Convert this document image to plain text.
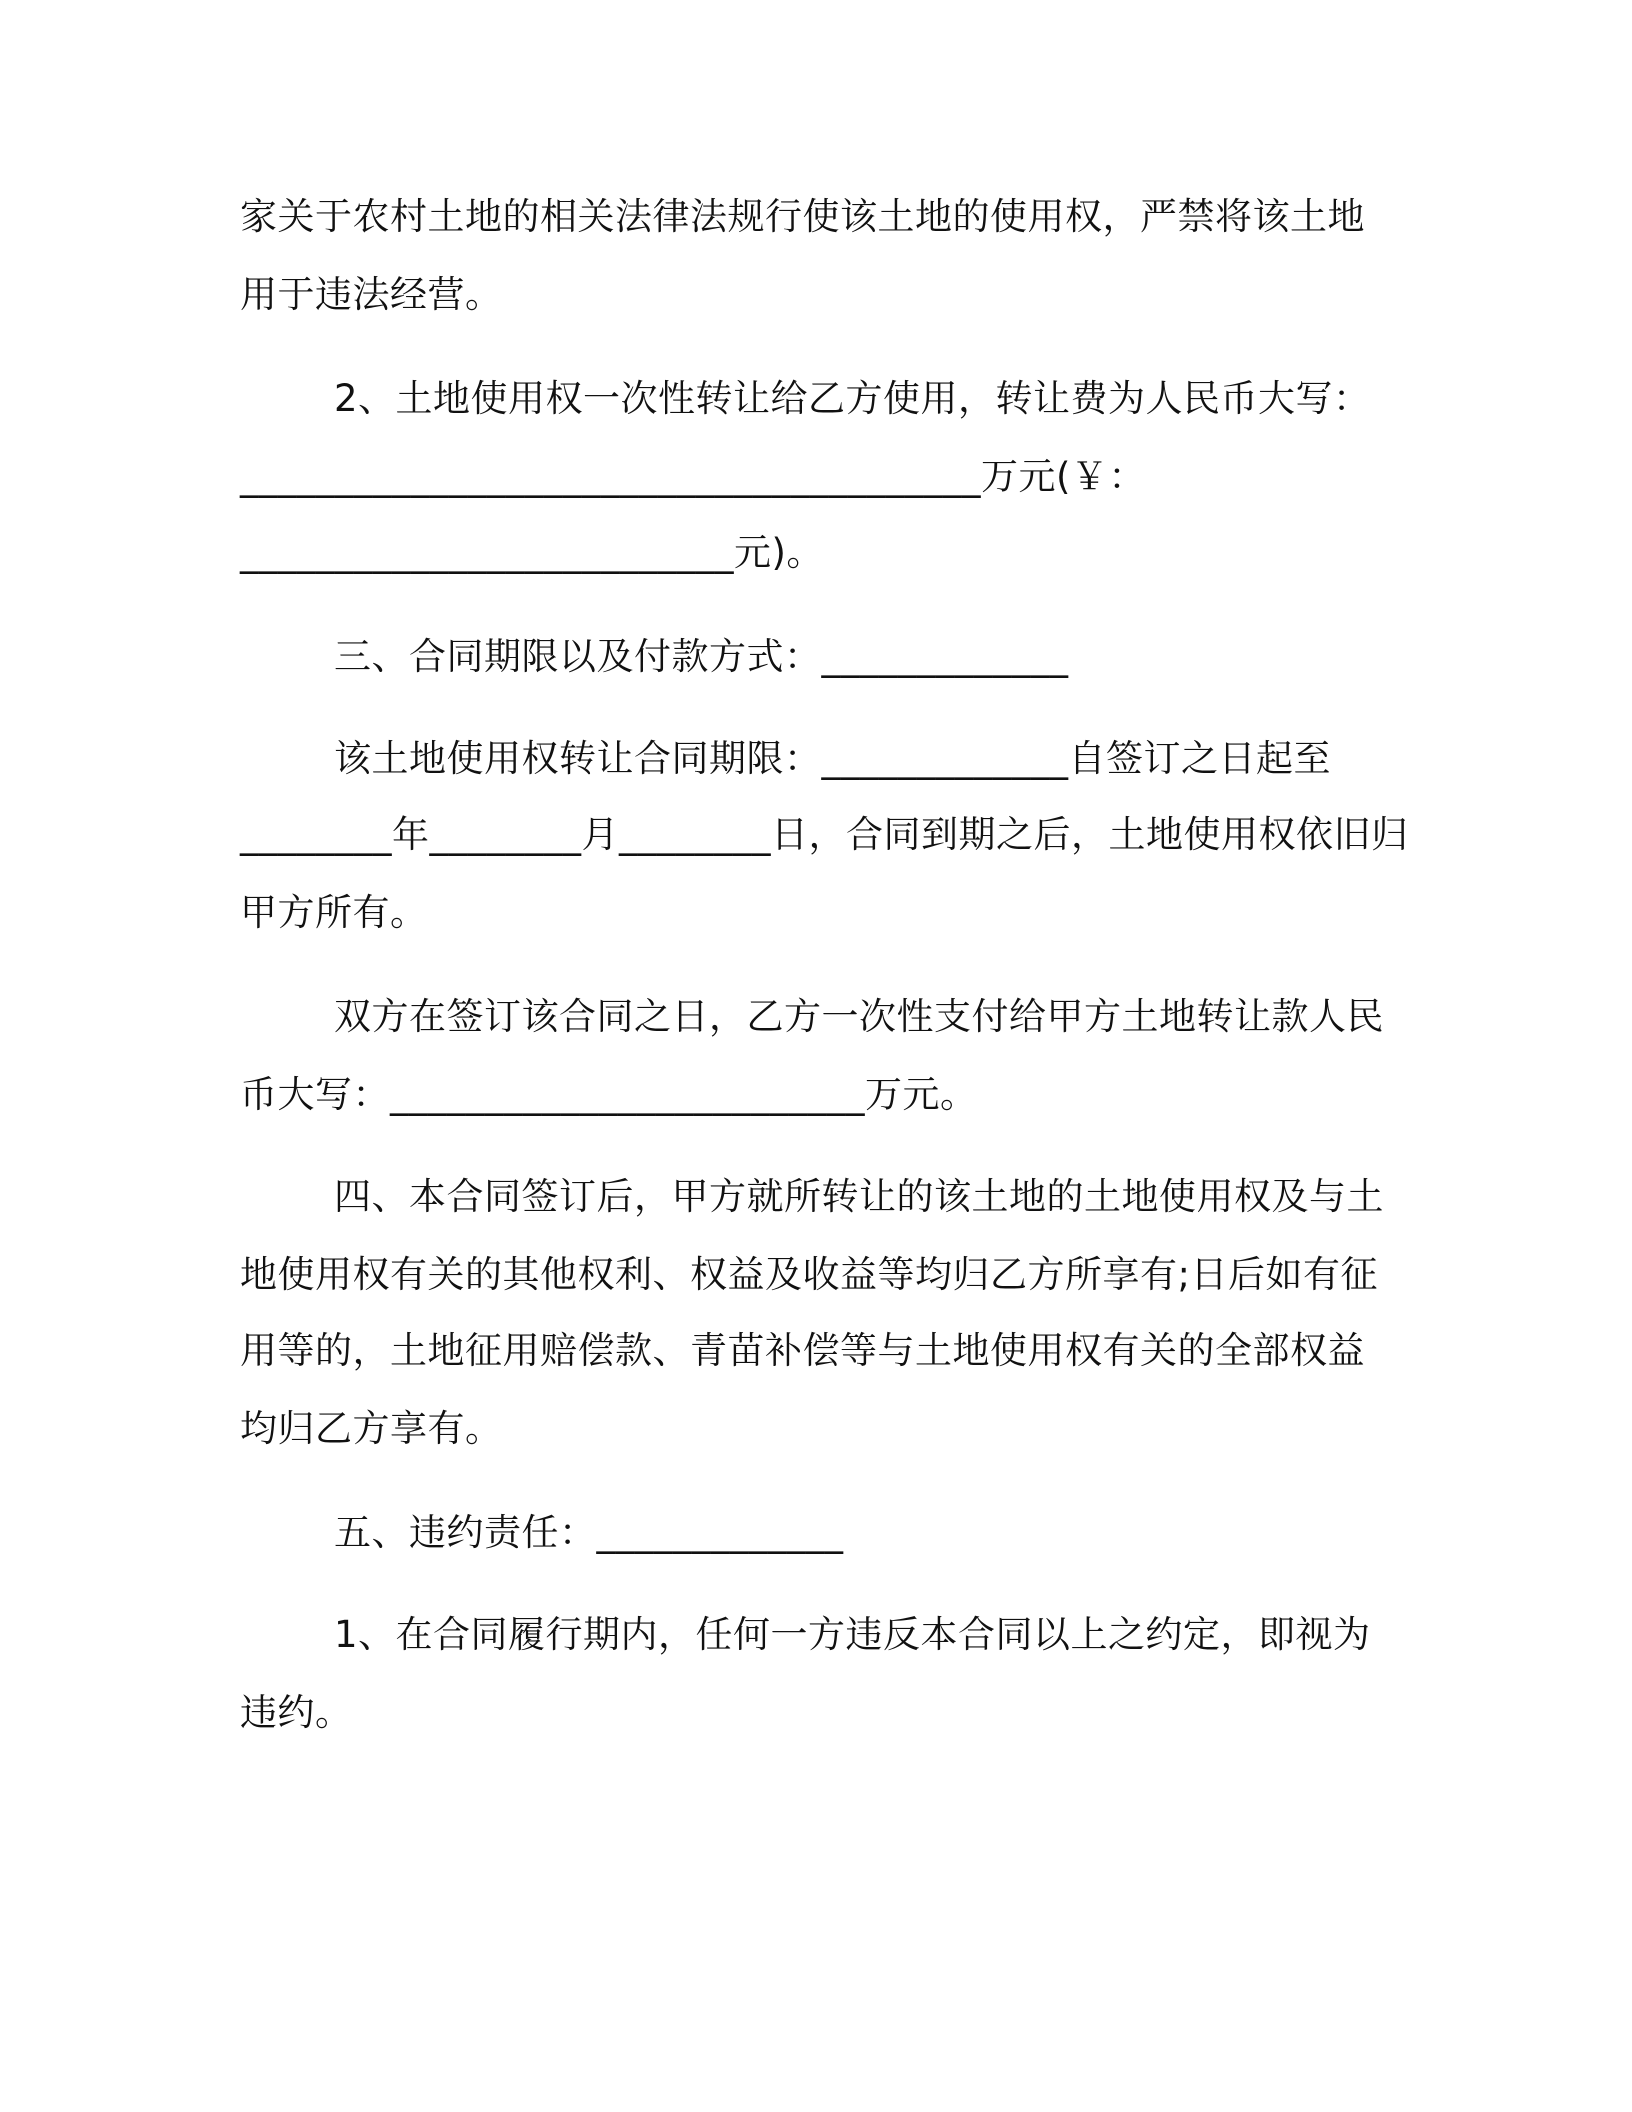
家关于农村土地的相关法律法规行使该土地的使用权，严禁将该土地
用于违法经营。
2、土地使用权一次性转让给乙方使用，转让费为人民币大写：
_______________________________________万元(￥：
__________________________元)。
三、合同期限以及付款方式：_____________
该土地使用权转让合同期限：_____________自签订之日起至
________年________月________日，合同到期之后，土地使用权依旧归
甲方所有。
双方在签订该合同之日，乙方一次性支付给甲方土地转让款人民
币大写：_________________________万元。
四、本合同签订后，甲方就所转让的该土地的土地使用权及与土
地使用权有关的其他权利、权益及收益等均归乙方所享有;日后如有征
用等的，土地征用赔偿款、青苗补偿等与土地使用权有关的全部权益
均归乙方享有。
五、违约责任：_____________
1、在合同履行期内，任何一方违反本合同以上之约定，即视为
违约。
